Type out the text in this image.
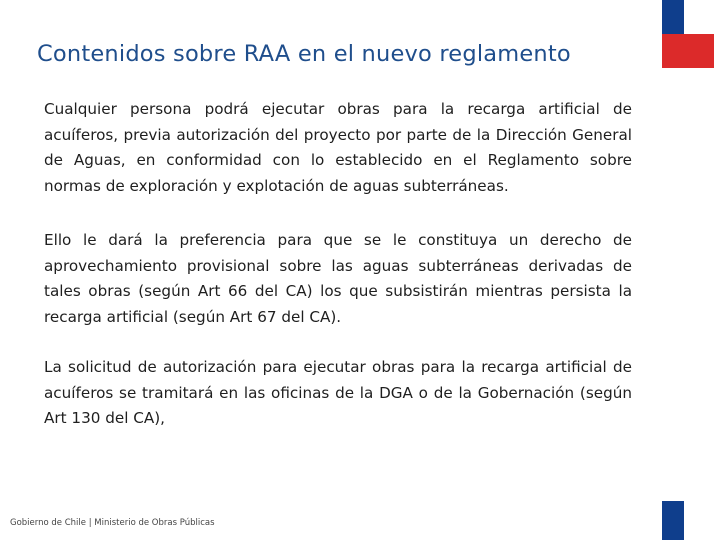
Contenidos sobre RAA en el nuevo reglamento
Cualquier persona podrá ejecutar obras para la recarga artificial de acuíferos, previa autorización del proyecto por parte de la Dirección General de Aguas, en conformidad con lo establecido en el Reglamento sobre normas de exploración y explotación de aguas subterráneas.
Ello le dará la preferencia para que se le constituya un derecho de aprovechamiento provisional sobre las aguas subterráneas derivadas de tales obras (según Art 66 del CA) los que subsistirán mientras persista la recarga artificial (según Art 67 del CA).
La solicitud de autorización para ejecutar obras para la recarga artificial de acuíferos se tramitará en las oficinas de la DGA o de la Gobernación (según Art 130 del CA),
Gobierno de Chile | Ministerio de Obras Públicas
